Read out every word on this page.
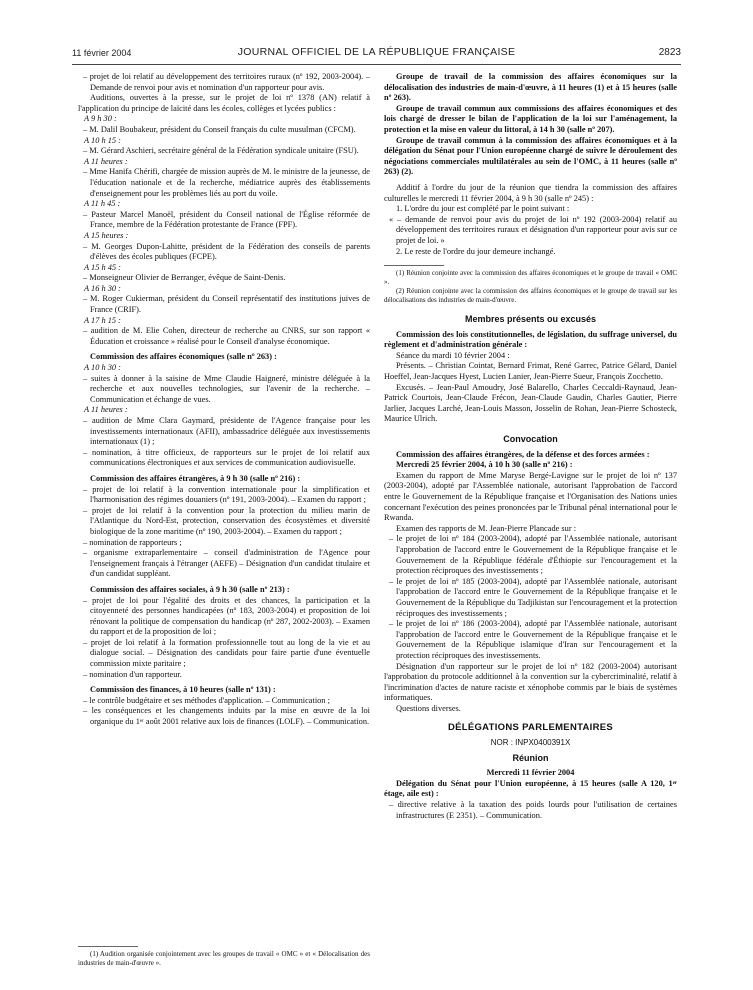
11 février 2004	JOURNAL OFFICIEL DE LA RÉPUBLIQUE FRANÇAISE	2823

– projet de loi relatif au développement des territoires ruraux (nº 192, 2003-2004). – Demande de renvoi pour avis et nomination d'un rapporteur pour avis.

Auditions, ouvertes à la presse, sur le projet de loi nº 1378 (AN) relatif à l'application du principe de laïcité dans les écoles, collèges et lycées publics :

A 9 h 30 :

– M. Dalil Boubakeur, président du Conseil français du culte musulman (CFCM).

A 10 h 15 :

– M. Gérard Aschieri, secrétaire général de la Fédération syndicale unitaire (FSU).

A 11 heures :

– Mme Hanifa Chérifi, chargée de mission auprès de M. le ministre de la jeunesse, de l'éducation nationale et de la recherche, médiatrice auprès des établissements d'enseignement pour les problèmes liés au port du voile.

A 11 h 45 :

– Pasteur Marcel Manoël, président du Conseil national de l'Église réformée de France, membre de la Fédération protestante de France (FPF).

A 15 heures :

– M. Georges Dupon-Lahitte, président de la Fédération des conseils de parents d'élèves des écoles publiques (FCPE).

A 15 h 45 :

– Monseigneur Olivier de Berranger, évêque de Saint-Denis.

A 16 h 30 :

– M. Roger Cukierman, président du Conseil représentatif des institutions juives de France (CRIF).

A 17 h 15 :

– audition de M. Elie Cohen, directeur de recherche au CNRS, sur son rapport « Éducation et croissance » réalisé pour le Conseil d'analyse économique.

Commission des affaires économiques (salle nº 263) :

A 10 h 30 :

– suites à donner à la saisine de Mme Claudie Haigneré, ministre déléguée à la recherche et aux nouvelles technologies, sur l'avenir de la recherche. – Communication et échange de vues.

A 11 heures :

– audition de Mme Clara Gaymard, présidente de l'Agence française pour les investissements internationaux (AFII), ambassadrice déléguée aux investissements internationaux (1) ;

– nomination, à titre officieux, de rapporteurs sur le projet de loi relatif aux communications électroniques et aux services de communication audiovisuelle.

Commission des affaires étrangères, à 9 h 30 (salle nº 216) :

– projet de loi relatif à la convention internationale pour la simplification et l'harmonisation des régimes douaniers (nº 191, 2003-2004). – Examen du rapport ;

– projet de loi relatif à la convention pour la protection du milieu marin de l'Atlantique du Nord-Est, protection, conservation des écosystèmes et diversité biologique de la zone maritime (nº 190, 2003-2004). – Examen du rapport ;

– nomination de rapporteurs ;

– organisme extraparlementaire – conseil d'administration de l'Agence pour l'enseignement français à l'étranger (AEFE) – Désignation d'un candidat titulaire et d'un candidat suppléant.

Commission des affaires sociales, à 9 h 30 (salle nº 213) :

– projet de loi pour l'égalité des droits et des chances, la participation et la citoyenneté des personnes handicapées (nº 183, 2003-2004) et proposition de loi rénovant la politique de compensation du handicap (nº 287, 2002-2003). – Examen du rapport et de la proposition de loi ;

– projet de loi relatif à la formation professionnelle tout au long de la vie et au dialogue social. – Désignation des candidats pour faire partie d'une éventuelle commission mixte paritaire ;

– nomination d'un rapporteur.

Commission des finances, à 10 heures (salle nº 131) :

– le contrôle budgétaire et ses méthodes d'application. – Communication ;

– les conséquences et les changements induits par la mise en œuvre de la loi organique du 1ᵉʳ août 2001 relative aux lois de finances (LOLF). – Communication.

(1) Audition organisée conjointement avec les groupes de travail « OMC » et « Délocalisation des industries de main-d'œuvre ».

Groupe de travail de la commission des affaires économiques sur la délocalisation des industries de main-d'œuvre, à 11 heures (1) et à 15 heures (salle nº 263).

Groupe de travail commun aux commissions des affaires économiques et des lois chargé de dresser le bilan de l'application de la loi sur l'aménagement, la protection et la mise en valeur du littoral, à 14 h 30 (salle nº 207).

Groupe de travail commun à la commission des affaires économiques et à la délégation du Sénat pour l'Union européenne chargé de suivre le déroulement des négociations commerciales multilatérales au sein de l'OMC, à 11 heures (salle nº 263) (2).

Additif à l'ordre du jour de la réunion que tiendra la commission des affaires culturelles le mercredi 11 février 2004, à 9 h 30 (salle nº 245) :

1. L'ordre du jour est complété par le point suivant :

« – demande de renvoi pour avis du projet de loi nº 192 (2003-2004) relatif au développement des territoires ruraux et désignation d'un rapporteur pour avis sur ce projet de loi. »

2. Le reste de l'ordre du jour demeure inchangé.

(1) Réunion conjointe avec la commission des affaires économiques et le groupe de travail « OMC ».

(2) Réunion conjointe avec la commission des affaires économiques et le groupe de travail sur les délocalisations des industries de main-d'œuvre.

Membres présents ou excusés

Commission des lois constitutionnelles, de législation, du suffrage universel, du règlement et d'administration générale :

Séance du mardi 10 février 2004 :

Présents. – Christian Cointat, Bernard Frimat, René Garrec, Patrice Gélard, Daniel Hoeffel, Jean-Jacques Hyest, Lucien Lanier, Jean-Pierre Sueur, François Zocchetto.

Excusés. – Jean-Paul Amoudry, José Balarello, Charles Ceccaldi-Raynaud, Jean-Patrick Courtois, Jean-Claude Frécon, Jean-Claude Gaudin, Charles Gautier, Pierre Jarlier, Jacques Larché, Jean-Louis Masson, Josselin de Rohan, Jean-Pierre Schosteck, Maurice Ulrich.

Convocation

Commission des affaires étrangères, de la défense et des forces armées :

Mercredi 25 février 2004, à 10 h 30 (salle nº 216) :

Examen du rapport de Mme Maryse Bergé-Lavigne sur le projet de loi nº 137 (2003-2004), adopté par l'Assemblée nationale, autorisant l'approbation de l'accord entre le Gouvernement de la République française et l'Organisation des Nations unies concernant l'exécution des peines prononcées par le Tribunal pénal international pour le Rwanda.

Examen des rapports de M. Jean-Pierre Plancade sur :

– le projet de loi nº 184 (2003-2004), adopté par l'Assemblée nationale, autorisant l'approbation de l'accord entre le Gouvernement de la République française et le Gouvernement de la République fédérale d'Éthiopie sur l'encouragement et la protection réciproques des investissements ;

– le projet de loi nº 185 (2003-2004), adopté par l'Assemblée nationale, autorisant l'approbation de l'accord entre le Gouvernement de la République française et le Gouvernement de la République du Tadjikistan sur l'encouragement et la protection réciproques des investissements ;

– le projet de loi nº 186 (2003-2004), adopté par l'Assemblée nationale, autorisant l'approbation de l'accord entre le Gouvernement de la République française et le Gouvernement de la République islamique d'Iran sur l'encouragement et la protection réciproques des investissements.

Désignation d'un rapporteur sur le projet de loi nº 182 (2003-2004) autorisant l'approbation du protocole additionnel à la convention sur la cybercriminalité, relatif à l'incrimination d'actes de nature raciste et xénophobe commis par le biais de systèmes informatiques.

Questions diverses.

DÉLÉGATIONS PARLEMENTAIRES
NOR : INPX0400391X
Réunion

Mercredi 11 février 2004

Délégation du Sénat pour l'Union européenne, à 15 heures (salle A 120, 1ᵉʳ étage, aile est) :

– directive relative à la taxation des poids lourds pour l'utilisation de certaines infrastructures (E 2351). – Communication.
